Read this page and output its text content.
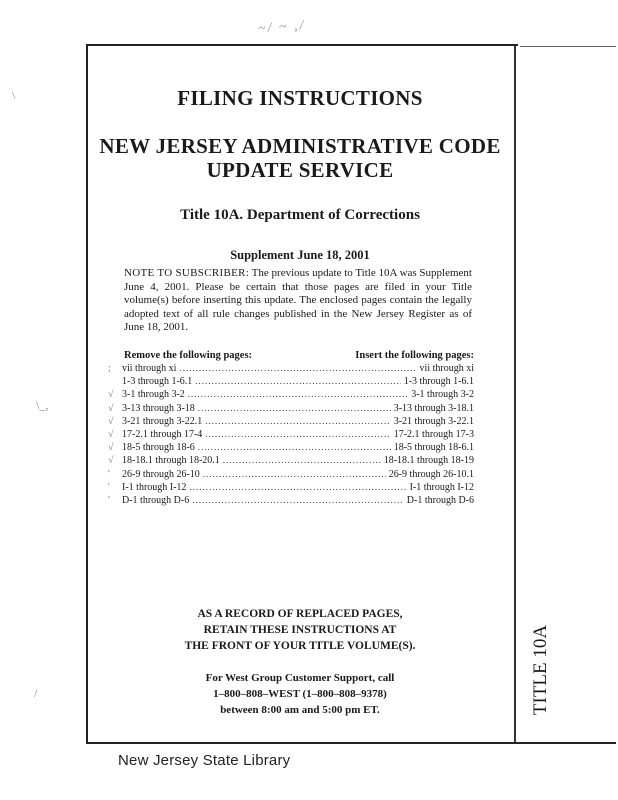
~/ ~ ,/
\
\_,
/
FILING INSTRUCTIONS
NEW JERSEY ADMINISTRATIVE CODE
UPDATE SERVICE
Title 10A. Department of Corrections
Supplement June 18, 2001
NOTE TO SUBSCRIBER: The previous update to Title 10A was Supplement June 4, 2001. Please be certain that those pages are filed in your Title volume(s) before inserting this update. The enclosed pages contain the legally adopted text of all rule changes published in the New Jersey Register as of June 18, 2001.
Remove the following pages:	Insert the following pages:
;
√
√
√
√
√
√
'
'
'
vii through xi .....	vii through xi
1-3 through 1-6.1 .....	1-3 through 1-6.1
3-1 through 3-2 .....	3-1 through 3-2
3-13 through 3-18 .....	3-13 through 3-18.1
3-21 through 3-22.1 .....	3-21 through 3-22.1
17-2.1 through 17-4 .....	17-2.1 through 17-3
18-5 through 18-6 .....	18-5 through 18-6.1
18-18.1 through 18-20.1 .....	18-18.1 through 18-19
26-9 through 26-10 .....	26-9 through 26-10.1
I-1 through I-12 .....	I-1 through I-12
D-1 through D-6 .....	D-1 through D-6
AS A RECORD OF REPLACED PAGES,
RETAIN THESE INSTRUCTIONS AT
THE FRONT OF YOUR TITLE VOLUME(S).
For West Group Customer Support, call
1–800–808–WEST (1–800–808–9378)
between 8:00 am and 5:00 pm ET.	TITLE 10A
New Jersey State Library
